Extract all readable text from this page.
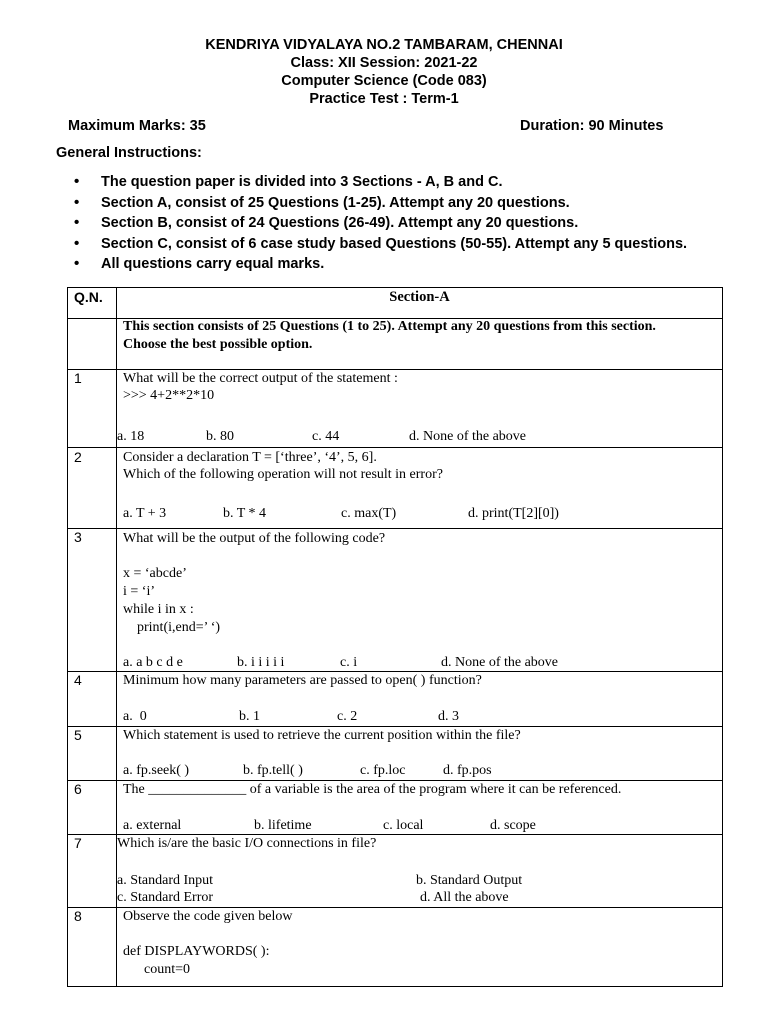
KENDRIYA VIDYALAYA NO.2 TAMBARAM, CHENNAI
Class: XII Session: 2021-22
Computer Science (Code 083)
Practice Test : Term-1
Maximum Marks: 35	Duration: 90 Minutes
General Instructions:
• The question paper is divided into 3 Sections - A, B and C.
• Section A, consist of 25 Questions (1-25). Attempt any 20 questions.
• Section B, consist of 24 Questions (26-49). Attempt any 20 questions.
• Section C, consist of 6 case study based Questions (50-55). Attempt any 5 questions.
• All questions carry equal marks.
Q.N.	Section-A
This section consists of 25 Questions (1 to 25). Attempt any 20 questions from this section.
Choose the best possible option.
1	What will be the correct output of the statement :
>>> 4+2**2*10
a. 18	b. 80	c. 44	d. None of the above
2	Consider a declaration T = [‘three’, ‘4’, 5, 6].
Which of the following operation will not result in error?
a. T + 3	b. T * 4	c. max(T)	d. print(T[2][0])
3	What will be the output of the following code?
x = ‘abcde’
i = ‘i’
while i in x :
print(i,end=’ ‘)
a. a b c d e	b. i i i i i	c. i	d. None of the above
4	Minimum how many parameters are passed to open( ) function?
a.  0	b. 1	c. 2	d. 3
5	Which statement is used to retrieve the current position within the file?
a. fp.seek( )	b. fp.tell( )	c. fp.loc	d. fp.pos
6	The ______________ of a variable is the area of the program where it can be referenced.
a. external	b. lifetime	c. local	d. scope
7	Which is/are the basic I/O connections in file?
a. Standard Input	b. Standard Output
c. Standard Error	d. All the above
8	Observe the code given below
def DISPLAYWORDS( ):
count=0
